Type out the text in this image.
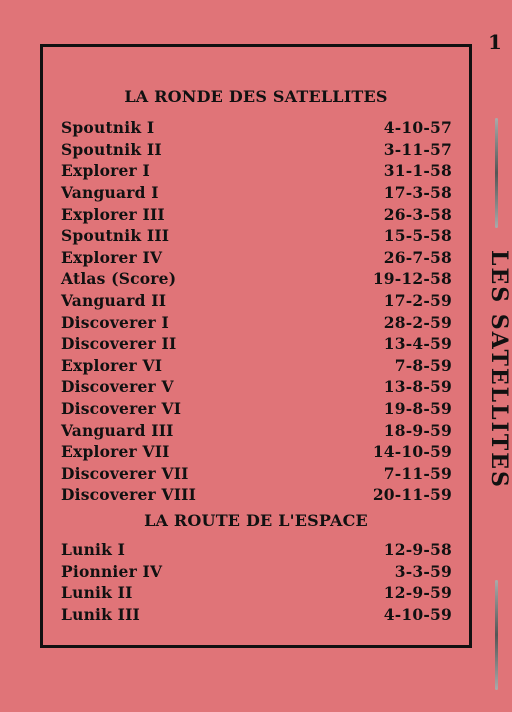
1
LA RONDE DES SATELLITES
Spoutnik I	4-10-57
Spoutnik II	3-11-57
Explorer I	31-1-58
Vanguard I	17-3-58
Explorer III	26-3-58
Spoutnik III	15-5-58
Explorer IV	26-7-58
Atlas (Score)	19-12-58
Vanguard II	17-2-59
Discoverer I	28-2-59
Discoverer II	13-4-59
Explorer VI	7-8-59
Discoverer V	13-8-59
Discoverer VI	19-8-59
Vanguard III	18-9-59
Explorer VII	14-10-59
Discoverer VII	7-11-59
Discoverer VIII	20-11-59
LA ROUTE DE L'ESPACE
Lunik I	12-9-58
Pionnier IV	3-3-59
Lunik II	12-9-59
Lunik III	4-10-59
LES SATELLITES
